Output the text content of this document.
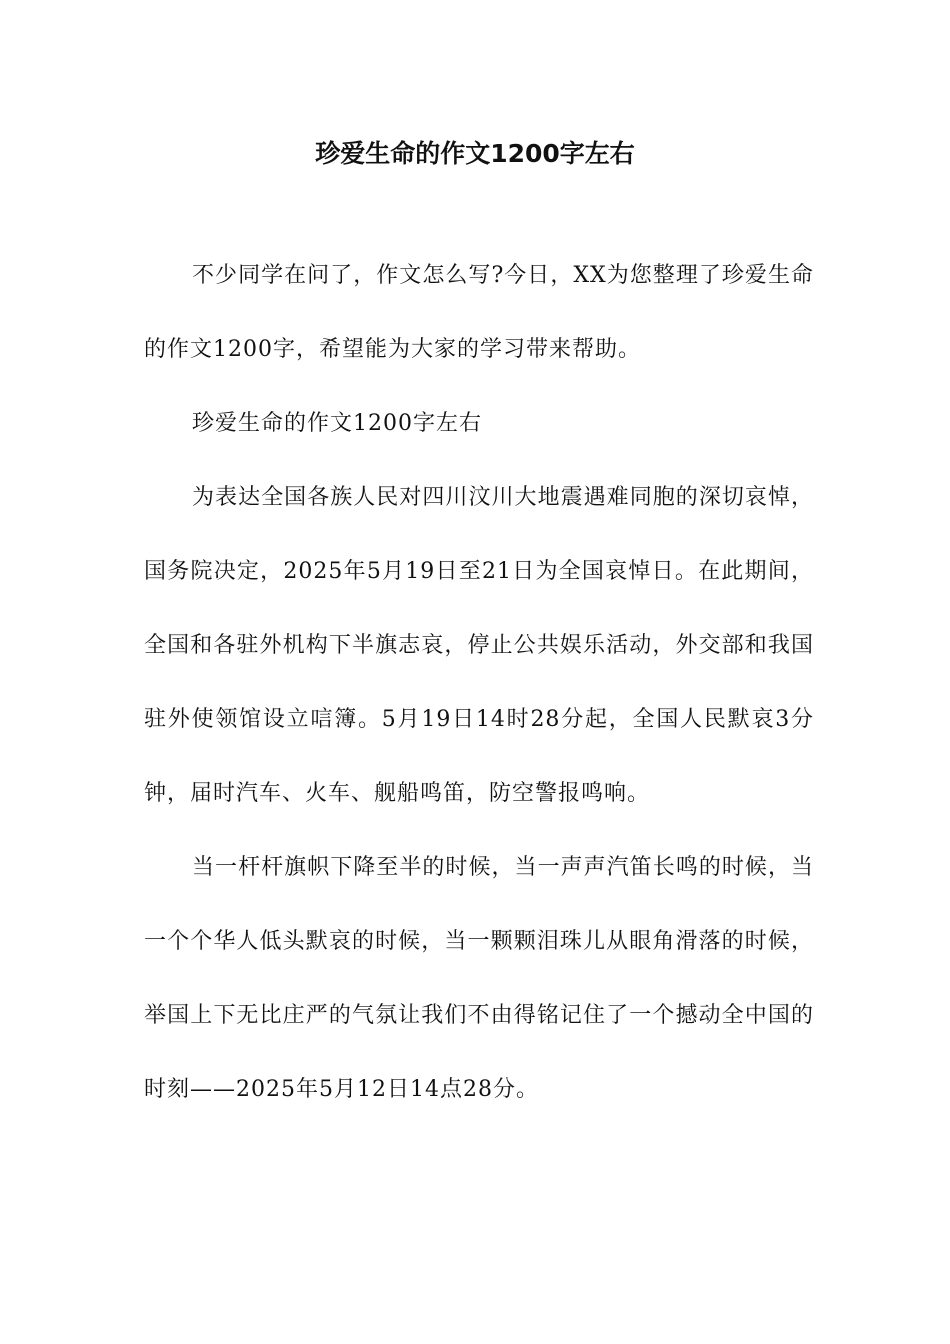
珍爱生命的作文1200字左右

不少同学在问了，作文怎么写?今日，XX为您整理了珍爱生命的作文1200字，希望能为大家的学习带来帮助。

珍爱生命的作文1200字左右

为表达全国各族人民对四川汶川大地震遇难同胞的深切哀悼，国务院决定，2025年5月19日至21日为全国哀悼日。在此期间，全国和各驻外机构下半旗志哀，停止公共娱乐活动，外交部和我国驻外使领馆设立唁簿。5月19日14时28分起，全国人民默哀3分钟，届时汽车、火车、舰船鸣笛，防空警报鸣响。

当一杆杆旗帜下降至半的时候，当一声声汽笛长鸣的时候，当一个个华人低头默哀的时候，当一颗颗泪珠儿从眼角滑落的时候，举国上下无比庄严的气氛让我们不由得铭记住了一个撼动全中国的时刻——2025年5月12日14点28分。
